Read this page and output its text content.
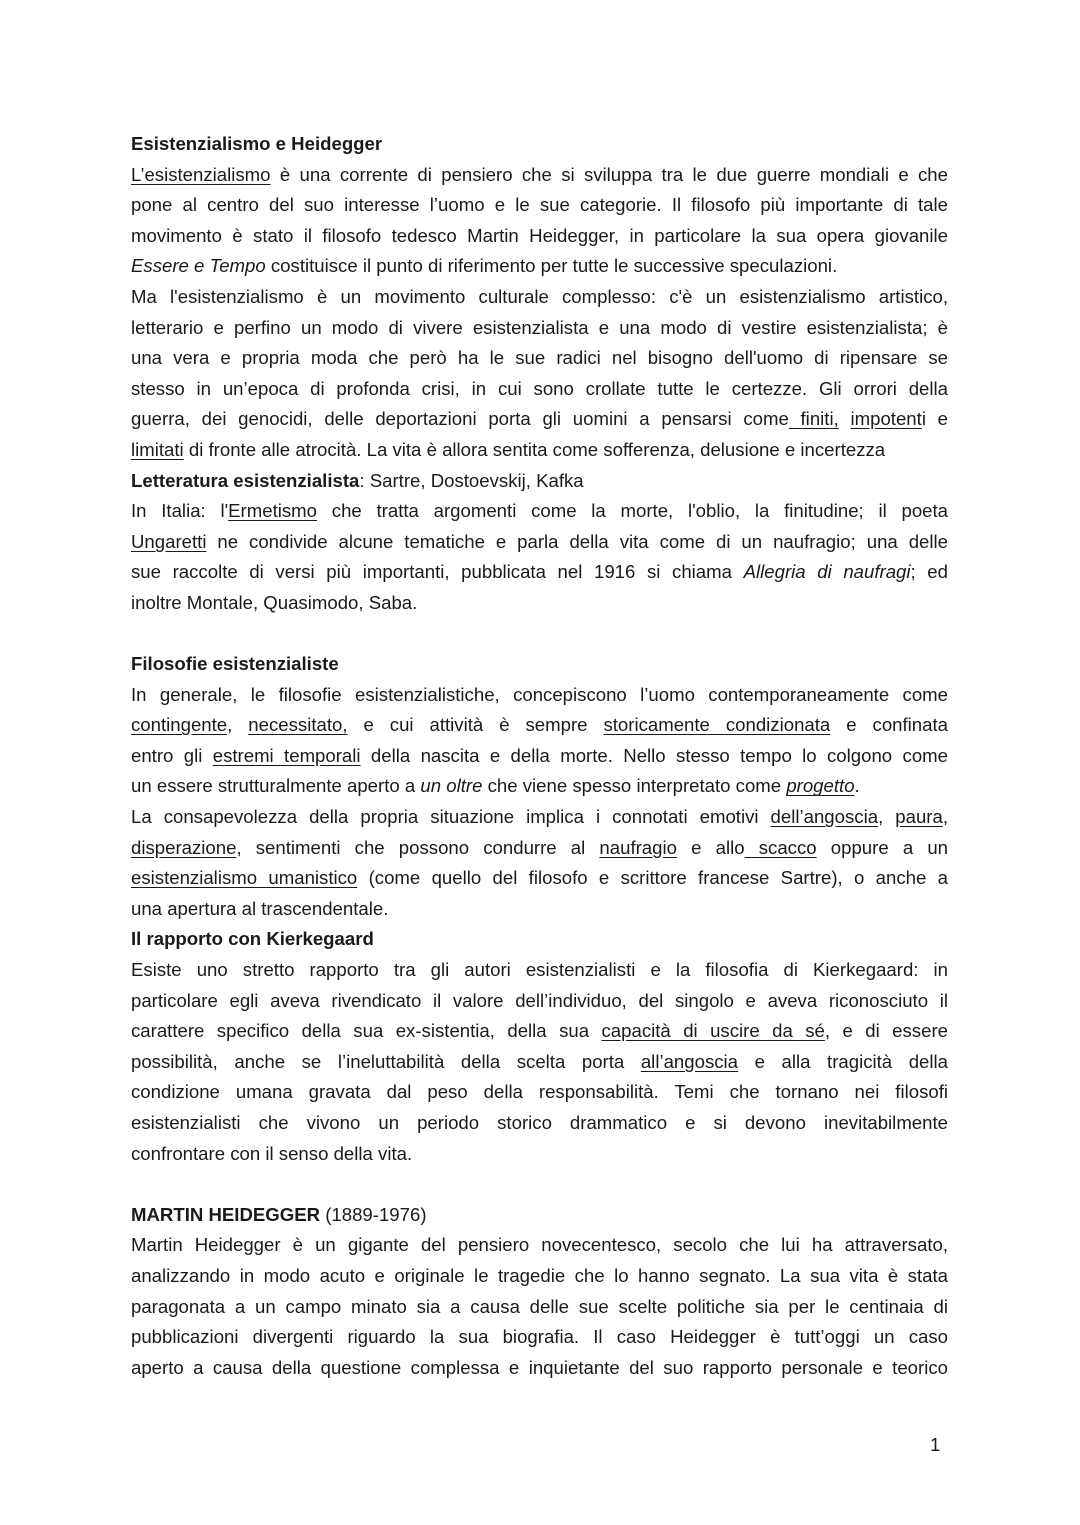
Esistenzialismo e Heidegger
L’esistenzialismo è una corrente di pensiero che si sviluppa tra le due guerre mondiali e che
pone al centro del suo interesse l’uomo e le sue categorie. Il filosofo più importante di tale
movimento è stato il filosofo tedesco Martin Heidegger, in particolare la sua opera giovanile
Essere e Tempo costituisce il punto di riferimento per tutte le successive speculazioni.
Ma l'esistenzialismo è un movimento culturale complesso: c'è un esistenzialismo artistico,
letterario e perfino un modo di vivere esistenzialista e una modo di vestire esistenzialista; è
una vera e propria moda che però ha le sue radici nel bisogno dell'uomo di ripensare se
stesso in un’epoca di profonda crisi, in cui sono crollate tutte le certezze. Gli orrori della
guerra, dei genocidi, delle deportazioni porta gli uomini a pensarsi come finiti, impotenti e
limitati di fronte alle atrocità. La vita è allora sentita come sofferenza, delusione e incertezza
Letteratura esistenzialista: Sartre, Dostoevskij, Kafka
In Italia: l'Ermetismo che tratta argomenti come la morte, l'oblio, la finitudine; il poeta
Ungaretti ne condivide alcune tematiche e parla della vita come di un naufragio; una delle
sue raccolte di versi più importanti, pubblicata nel 1916 si chiama Allegria di naufragi; ed
inoltre Montale, Quasimodo, Saba.
Filosofie esistenzialiste
In generale, le filosofie esistenzialistiche, concepiscono l’uomo contemporaneamente come
contingente, necessitato, e cui attività è sempre storicamente condizionata e confinata
entro gli estremi temporali della nascita e della morte. Nello stesso tempo lo colgono come
un essere strutturalmente aperto a un oltre che viene spesso interpretato come progetto.
La consapevolezza della propria situazione implica i connotati emotivi dell’angoscia, paura,
disperazione, sentimenti che possono condurre al naufragio e allo scacco oppure a un
esistenzialismo umanistico (come quello del filosofo e scrittore francese Sartre), o anche a
una apertura al trascendentale.
Il rapporto con Kierkegaard
Esiste uno stretto rapporto tra gli autori esistenzialisti e la filosofia di Kierkegaard: in
particolare egli aveva rivendicato il valore dell’individuo, del singolo e aveva riconosciuto il
carattere specifico della sua ex-sistentia, della sua capacità di uscire da sé, e di essere
possibilità, anche se l’ineluttabilità della scelta porta all’angoscia e alla tragicità della
condizione umana gravata dal peso della responsabilità. Temi che tornano nei filosofi
esistenzialisti che vivono un periodo storico drammatico e si devono inevitabilmente
confrontare con il senso della vita.
MARTIN HEIDEGGER (1889-1976)
Martin Heidegger è un gigante del pensiero novecentesco, secolo che lui ha attraversato,
analizzando in modo acuto e originale le tragedie che lo hanno segnato. La sua vita è stata
paragonata a un campo minato sia a causa delle sue scelte politiche sia per le centinaia di
pubblicazioni divergenti riguardo la sua biografia. Il caso Heidegger è tutt’oggi un caso
aperto a causa della questione complessa e inquietante del suo rapporto personale e teorico
1
